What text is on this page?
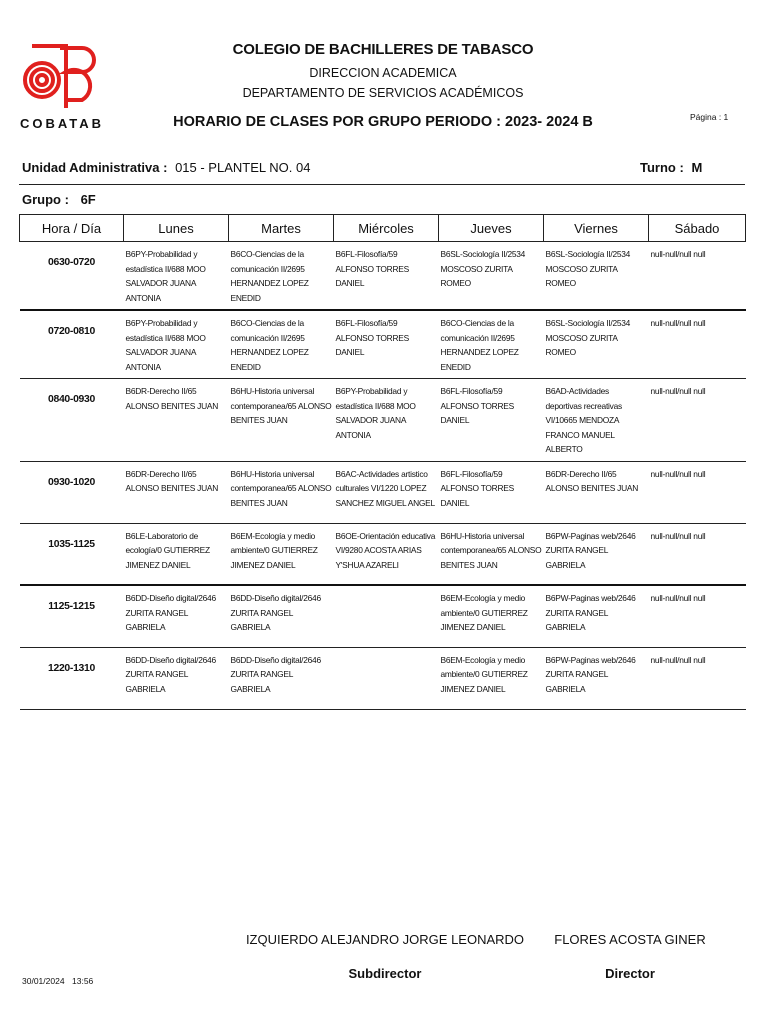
COBATAB
COLEGIO DE BACHILLERES DE TABASCO
DIRECCION ACADEMICA
DEPARTAMENTO DE SERVICIOS ACADÉMICOS
HORARIO DE CLASES POR GRUPO PERIODO : 2023- 2024 B	Página : 1
Unidad Administrativa : 015 - PLANTEL NO. 04	Turno : M
Grupo : 6F
Hora / Día	Lunes	Martes	Miércoles	Jueves	Viernes	Sábado
0630-0720	B6PY-Probabilidad y estadística II/688 MOO SALVADOR JUANA ANTONIA	B6CO-Ciencias de la comunicación II/2695 HERNANDEZ LOPEZ ENEDID	B6FL-Filosofía/59 ALFONSO TORRES DANIEL	B6SL-Sociología II/2534 MOSCOSO ZURITA ROMEO	B6SL-Sociología II/2534 MOSCOSO ZURITA ROMEO	null-null/null null
0720-0810	B6PY-Probabilidad y estadística II/688 MOO SALVADOR JUANA ANTONIA	B6CO-Ciencias de la comunicación II/2695 HERNANDEZ LOPEZ ENEDID	B6FL-Filosofía/59 ALFONSO TORRES DANIEL	B6CO-Ciencias de la comunicación II/2695 HERNANDEZ LOPEZ ENEDID	B6SL-Sociología II/2534 MOSCOSO ZURITA ROMEO	null-null/null null
0840-0930	B6DR-Derecho II/65 ALONSO BENITES JUAN	B6HU-Historia universal contemporanea/65 ALONSO BENITES JUAN	B6PY-Probabilidad y estadística II/688 MOO SALVADOR JUANA ANTONIA	B6FL-Filosofía/59 ALFONSO TORRES DANIEL	B6AD-Actividades deportivas recreativas VI/10665 MENDOZA FRANCO MANUEL ALBERTO	null-null/null null
0930-1020	B6DR-Derecho II/65 ALONSO BENITES JUAN	B6HU-Historia universal contemporanea/65 ALONSO BENITES JUAN	B6AC-Actividades artistico culturales VI/1220 LOPEZ SANCHEZ MIGUEL ANGEL	B6FL-Filosofía/59 ALFONSO TORRES DANIEL	B6DR-Derecho II/65 ALONSO BENITES JUAN	null-null/null null
1035-1125	B6LE-Laboratorio de ecología/0 GUTIERREZ JIMENEZ DANIEL	B6EM-Ecología y medio ambiente/0 GUTIERREZ JIMENEZ DANIEL	B6OE-Orientación educativa VI/9280 ACOSTA ARIAS Y'SHUA AZARELI	B6HU-Historia universal contemporanea/65 ALONSO BENITES JUAN	B6PW-Paginas web/2646 ZURITA RANGEL GABRIELA	null-null/null null
1125-1215	B6DD-Diseño digital/2646 ZURITA RANGEL GABRIELA	B6DD-Diseño digital/2646 ZURITA RANGEL GABRIELA		B6EM-Ecología y medio ambiente/0 GUTIERREZ JIMENEZ DANIEL	B6PW-Paginas web/2646 ZURITA RANGEL GABRIELA	null-null/null null
1220-1310	B6DD-Diseño digital/2646 ZURITA RANGEL GABRIELA	B6DD-Diseño digital/2646 ZURITA RANGEL GABRIELA		B6EM-Ecología y medio ambiente/0 GUTIERREZ JIMENEZ DANIEL	B6PW-Paginas web/2646 ZURITA RANGEL GABRIELA	null-null/null null
IZQUIERDO ALEJANDRO JORGE LEONARDO
Subdirector
FLORES ACOSTA GINER
Director
30/01/2024 13:56
